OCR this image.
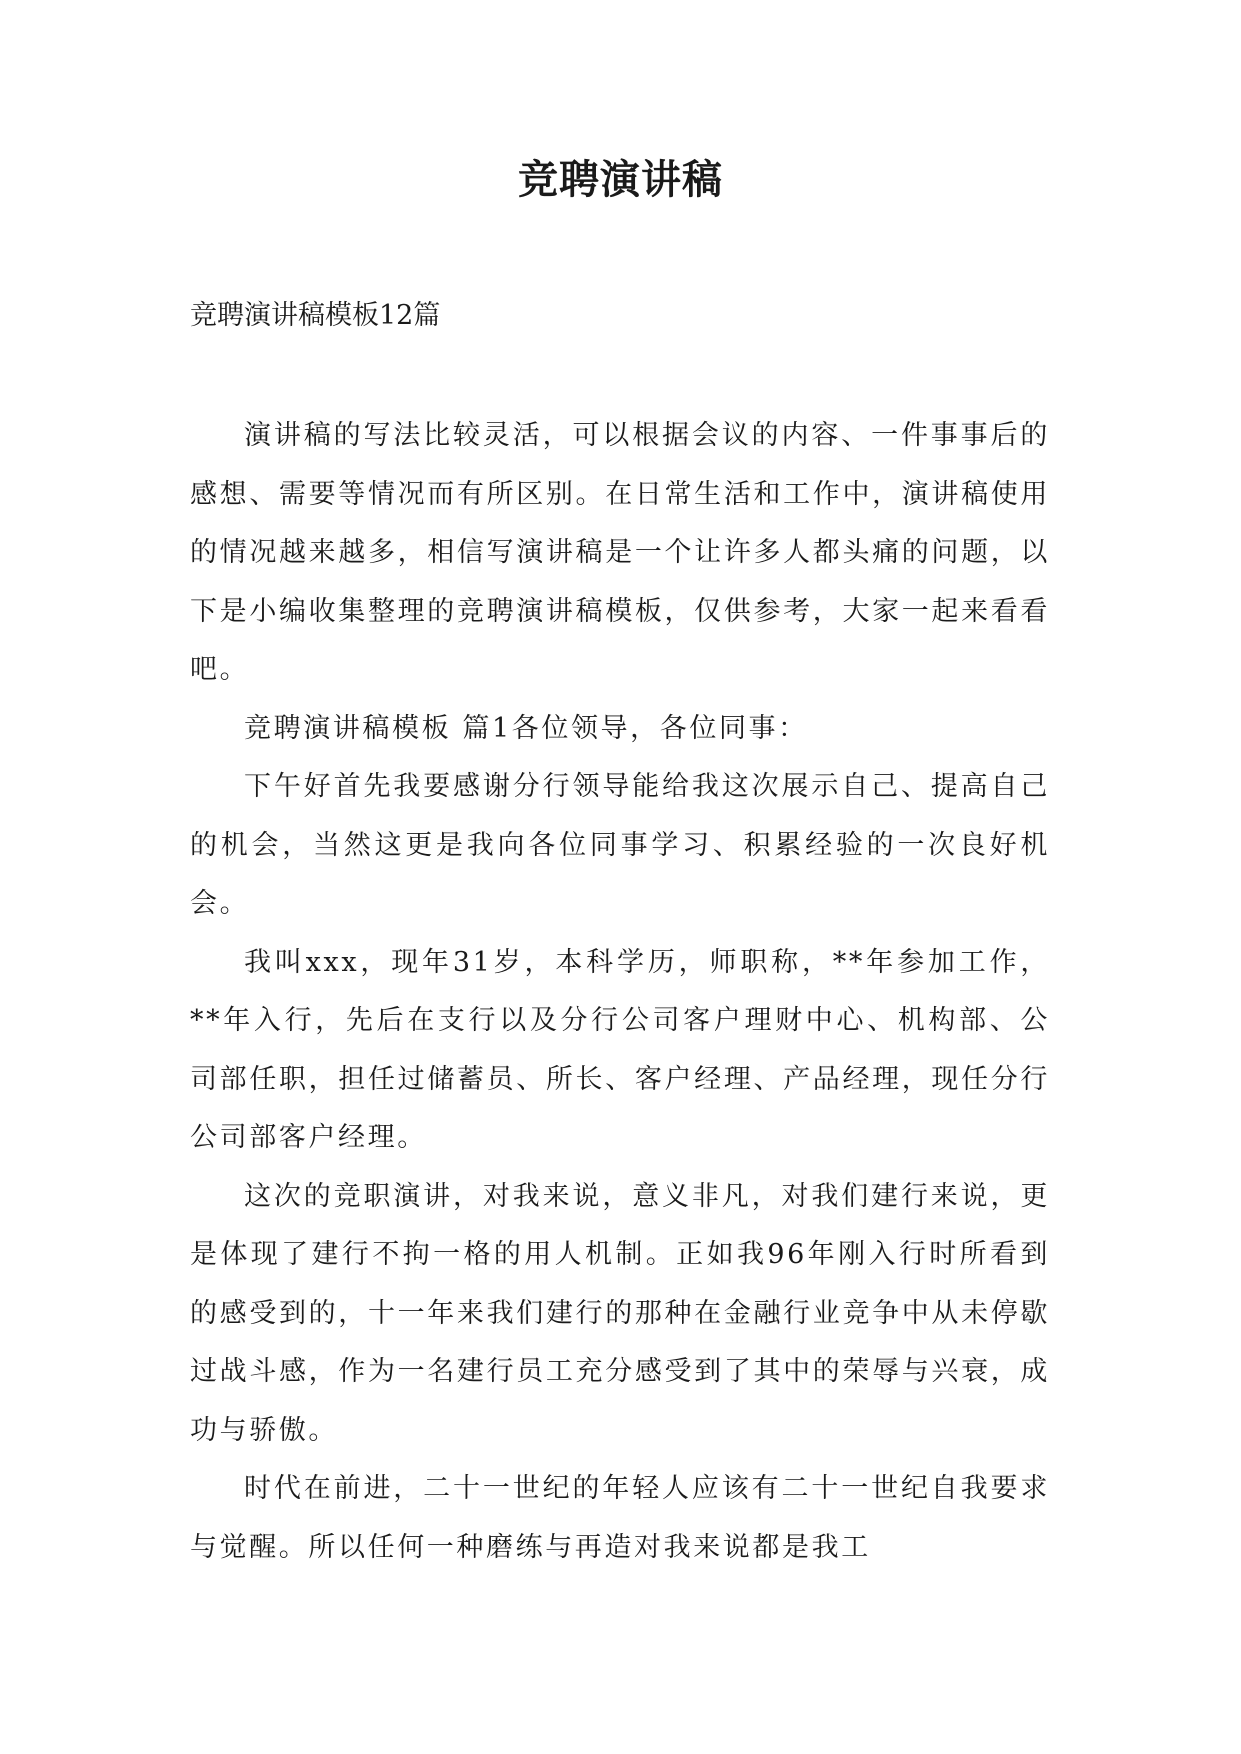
竞聘演讲稿
竞聘演讲稿模板12篇

演讲稿的写法比较灵活，可以根据会议的内容、一件事事后的感想、需要等情况而有所区别。在日常生活和工作中，演讲稿使用的情况越来越多，相信写演讲稿是一个让许多人都头痛的问题，以下是小编收集整理的竞聘演讲稿模板，仅供参考，大家一起来看看吧。

竞聘演讲稿模板 篇1各位领导，各位同事：

下午好首先我要感谢分行领导能给我这次展示自己、提高自己的机会，当然这更是我向各位同事学习、积累经验的一次良好机会。

我叫xxx，现年31岁，本科学历，师职称，**年参加工作，**年入行，先后在支行以及分行公司客户理财中心、机构部、公司部任职，担任过储蓄员、所长、客户经理、产品经理，现任分行公司部客户经理。

这次的竞职演讲，对我来说，意义非凡，对我们建行来说，更是体现了建行不拘一格的用人机制。正如我96年刚入行时所看到的感受到的，十一年来我们建行的那种在金融行业竞争中从未停歇过战斗感，作为一名建行员工充分感受到了其中的荣辱与兴衰，成功与骄傲。

时代在前进，二十一世纪的年轻人应该有二十一世纪自我要求与觉醒。所以任何一种磨练与再造对我来说都是我工
